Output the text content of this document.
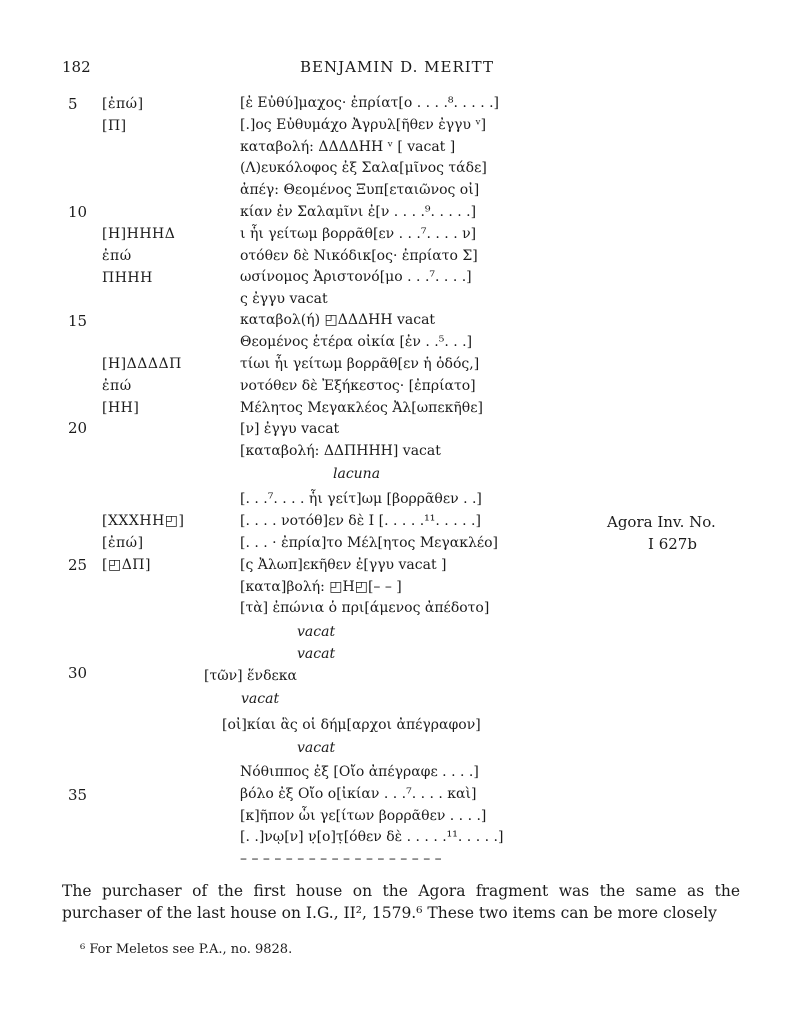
182	BENJAMIN D. MERITT
5
10
15
20
25
30
35
[ἐπώ]
[Π]
[Η]ΗΗΗΔ
ἐπώ
ΠΗΗΗ
[Η]ΔΔΔΔΠ
ἐπώ
[ΗΗ]
[ΧΧΧΗΗ◰]
[ἐπώ]
[◰ΔΠ]
[ἐ Εὐθύ]μαχος· ἐπρίατ[ο . . . .⁸. . . . .]
[.]ος Εὐθυμάχο Ἀγρυλ[ῆθεν ἐγγυ ᵛ]
καταβολή: ΔΔΔΔΗΗ ᵛ [ vacat ]
(Λ)ευκόλοφος ἐξ Σαλα[μῖνος τάδε]
ἀπέγ: Θεομένος Ξυπ[εταιῶνος οἰ]
κίαν ἐν Σαλαμῖνι ἐ[ν . . . .⁹. . . . .]
ι ἧι γείτωμ βορρᾶθ[εν . . .⁷. . . . ν]
οτόθεν δὲ Νικόδικ[ος· ἐπρίατο Σ]
ωσίνομος Ἀριστονό[μο . . .⁷. . . .]
ς ἐγγυ vacat
καταβολ(ή) ◰ΔΔΔΗΗ vacat
Θεομένος ἑτέρα οἰκία [ἐν . .⁵. . .]
τίωι ἧι γείτωμ βορρᾶθ[εν ἡ ὁδός,]
νοτόθεν δὲ Ἐξήκεστος· [ἐπρίατο]
Μέλητος Μεγακλέος Ἀλ[ωπεκῆθε]
[ν] ἐγγυ vacat
[καταβολή: ΔΔΠΗΗΗ] vacat
lacuna
[. . .⁷. . . . ἧι γείτ]ωμ [βορρᾶθεν . .]
[. . . . νοτόθ]εν δὲ Ι [. . . . .¹¹. . . . .]
[. . . · ἐπρία]το Μέλ[ητος Μεγακλέο]
[ς Ἀλωπ]εκῆθεν ἐ[γγυ vacat ]
[κατα]βολή: ◰Η◰[– – ]
[τὰ] ἐπώνια ὁ πρι[άμενος ἀπέδοτο]
vacat
vacat
[τῶν] ἕνδεκα
vacat
[οἰ]κίαι ἃς οἱ δήμ[αρχοι ἀπέγραφον]
vacat
Νόθιππος ἐξ [Οἴο ἀπέγραφε . . . .]
βόλο ἐξ Οἴο ο[ἰκίαν . . .⁷. . . . καὶ]
[κ]ῆπον ὧι γε[ίτων βορρᾶθεν . . . .]
[. .]νῳ[ν] ν̣[ο]τ̣[όθεν δὲ . . . . .¹¹. . . . .]
– – – – – – – – – – – – – – – – – –
Agora Inv. No.
I 627b
The purchaser of the first house on the Agora fragment was the same as the purchaser of the last house on I.G., II², 1579.⁶ These two items can be more closely
⁶ For Meletos see P.A., no. 9828.
